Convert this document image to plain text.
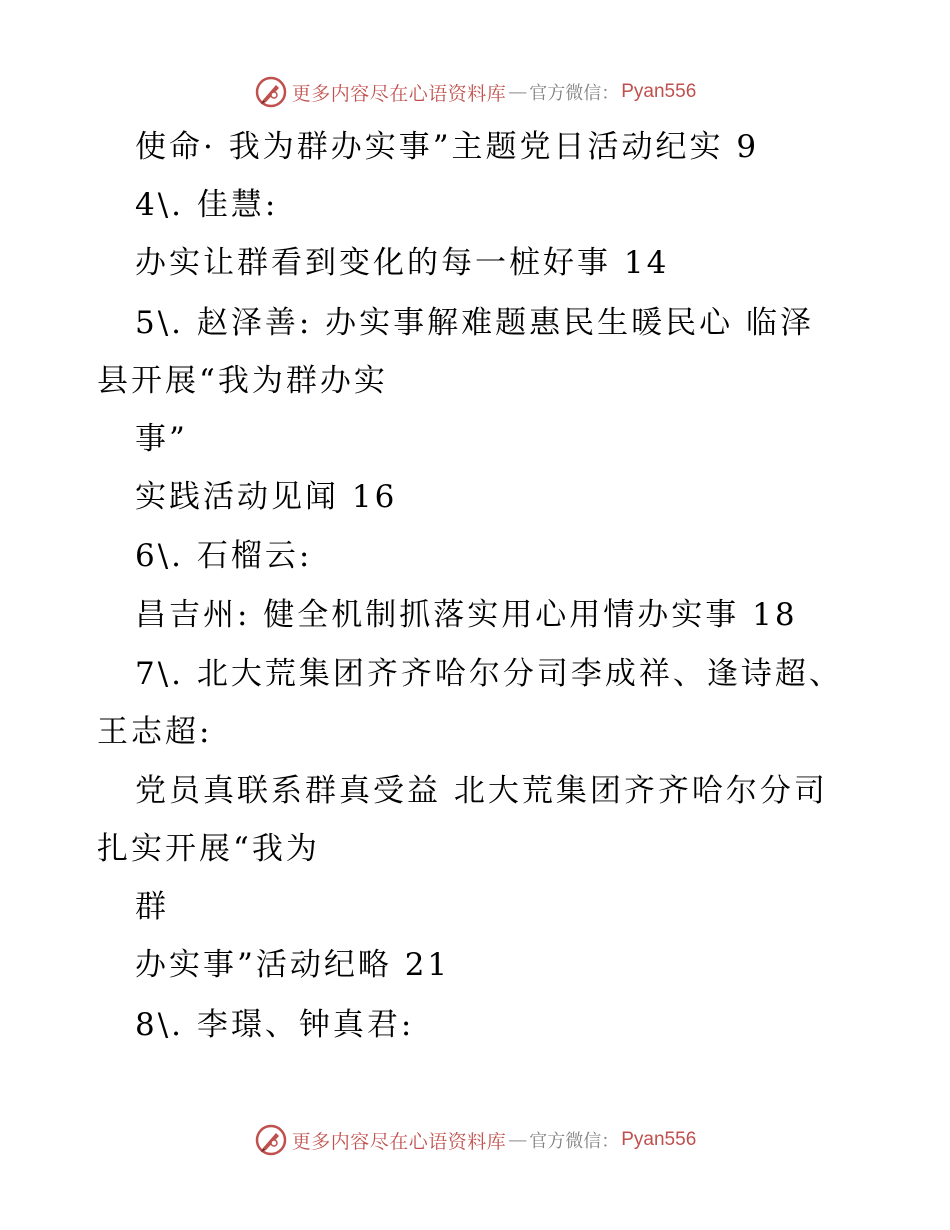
更多内容尽在心语资料库 — 官方微信： Pyan556
使命· 我为群办实事”主题党日活动纪实 9
4\. 佳慧:
办实让群看到变化的每一桩好事 14
5\. 赵泽善: 办实事解难题惠民生暖民心 临泽
县开展“我为群办实
事”
实践活动见闻 16
6\. 石榴云:
昌吉州: 健全机制抓落实用心用情办实事 18
7\. 北大荒集团齐齐哈尔分司李成祥、逢诗超、
王志超:
党员真联系群真受益 北大荒集团齐齐哈尔分司
扎实开展“我为
群
办实事”活动纪略 21
8\. 李璟、钟真君:
更多内容尽在心语资料库 — 官方微信： Pyan556
